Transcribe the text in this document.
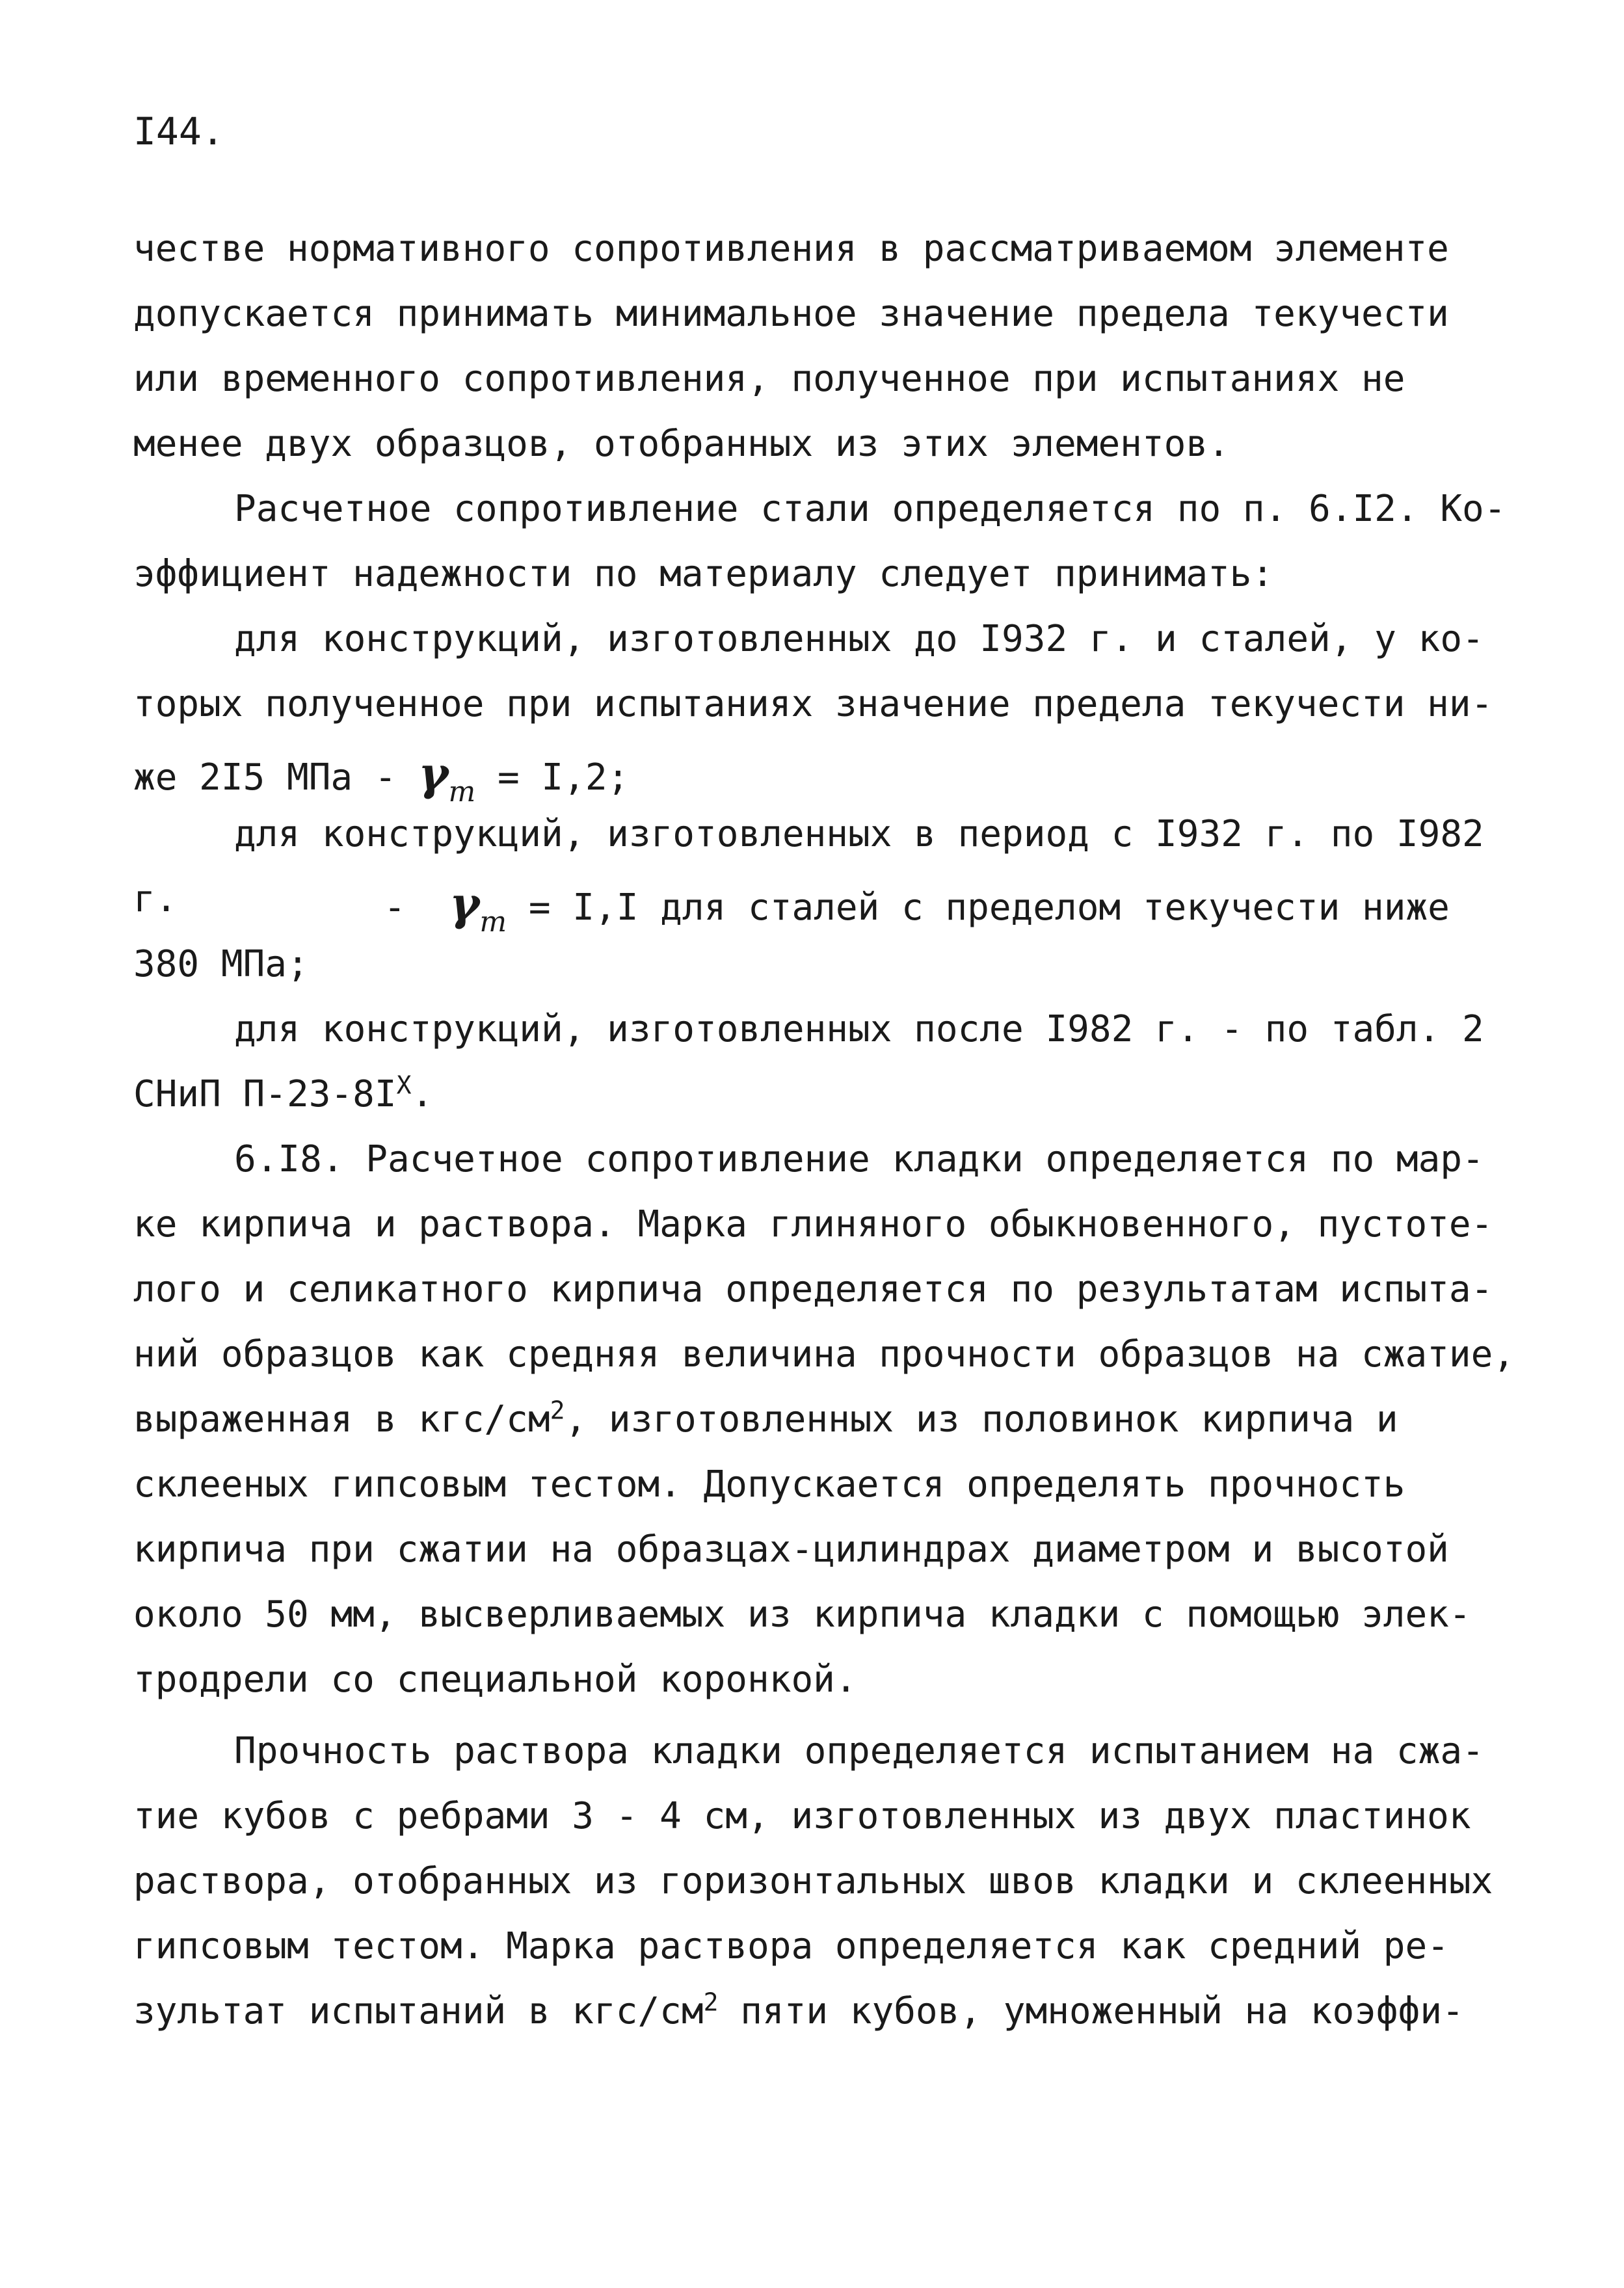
I44.
честве нормативного сопротивления в рассматриваемом элементе
допускается принимать минимальное значение предела текучести
или временного сопротивления, полученное при испытаниях не
менее двух образцов, отобранных из этих элементов.
Расчетное сопротивление стали определяется по п. 6.I2. Ко-
эффициент надежности по материалу следует принимать:
для конструкций, изготовленных до I932 г. и сталей, у ко-
торых полученное при испытаниях значение предела текучести ни-
же 2I5 МПа - $\gamma_m = I,2$;
для конструкций, изготовленных в период с I932 г. по I982
г.	- $\gamma_m = I,I$ для сталей с пределом текучести ниже
380 МПа;
для конструкций, изготовленных после I982 г. - по табл. 2
СНиП $П-23-8I^X$.
6.I8. Расчетное сопротивление кладки определяется по мар-
ке кирпича и раствора. Марка глиняного обыкновенного, пустоте-
лого и селикатного кирпича определяется по результатам испыта-
ний образцов как средняя величина прочности образцов на сжатие,
выраженная в кгс/$см^2$, изготовленных из половинок кирпича и
склееных гипсовым тестом. Допускается определять прочность
кирпича при сжатии на образцах-цилиндрах диаметром и высотой
около 50 мм, высверливаемых из кирпича кладки с помощью элек-
тродрели со специальной коронкой.
Прочность раствора кладки определяется испытанием на сжа-
тие кубов с ребрами 3 - 4 см, изготовленных из двух пластинок
раствора, отобранных из горизонтальных швов кладки и склеенных
гипсовым тестом. Марка раствора определяется как средний ре-
зультат испытаний в кгс/$см^2$ пяти кубов, умноженный на коэффи-
